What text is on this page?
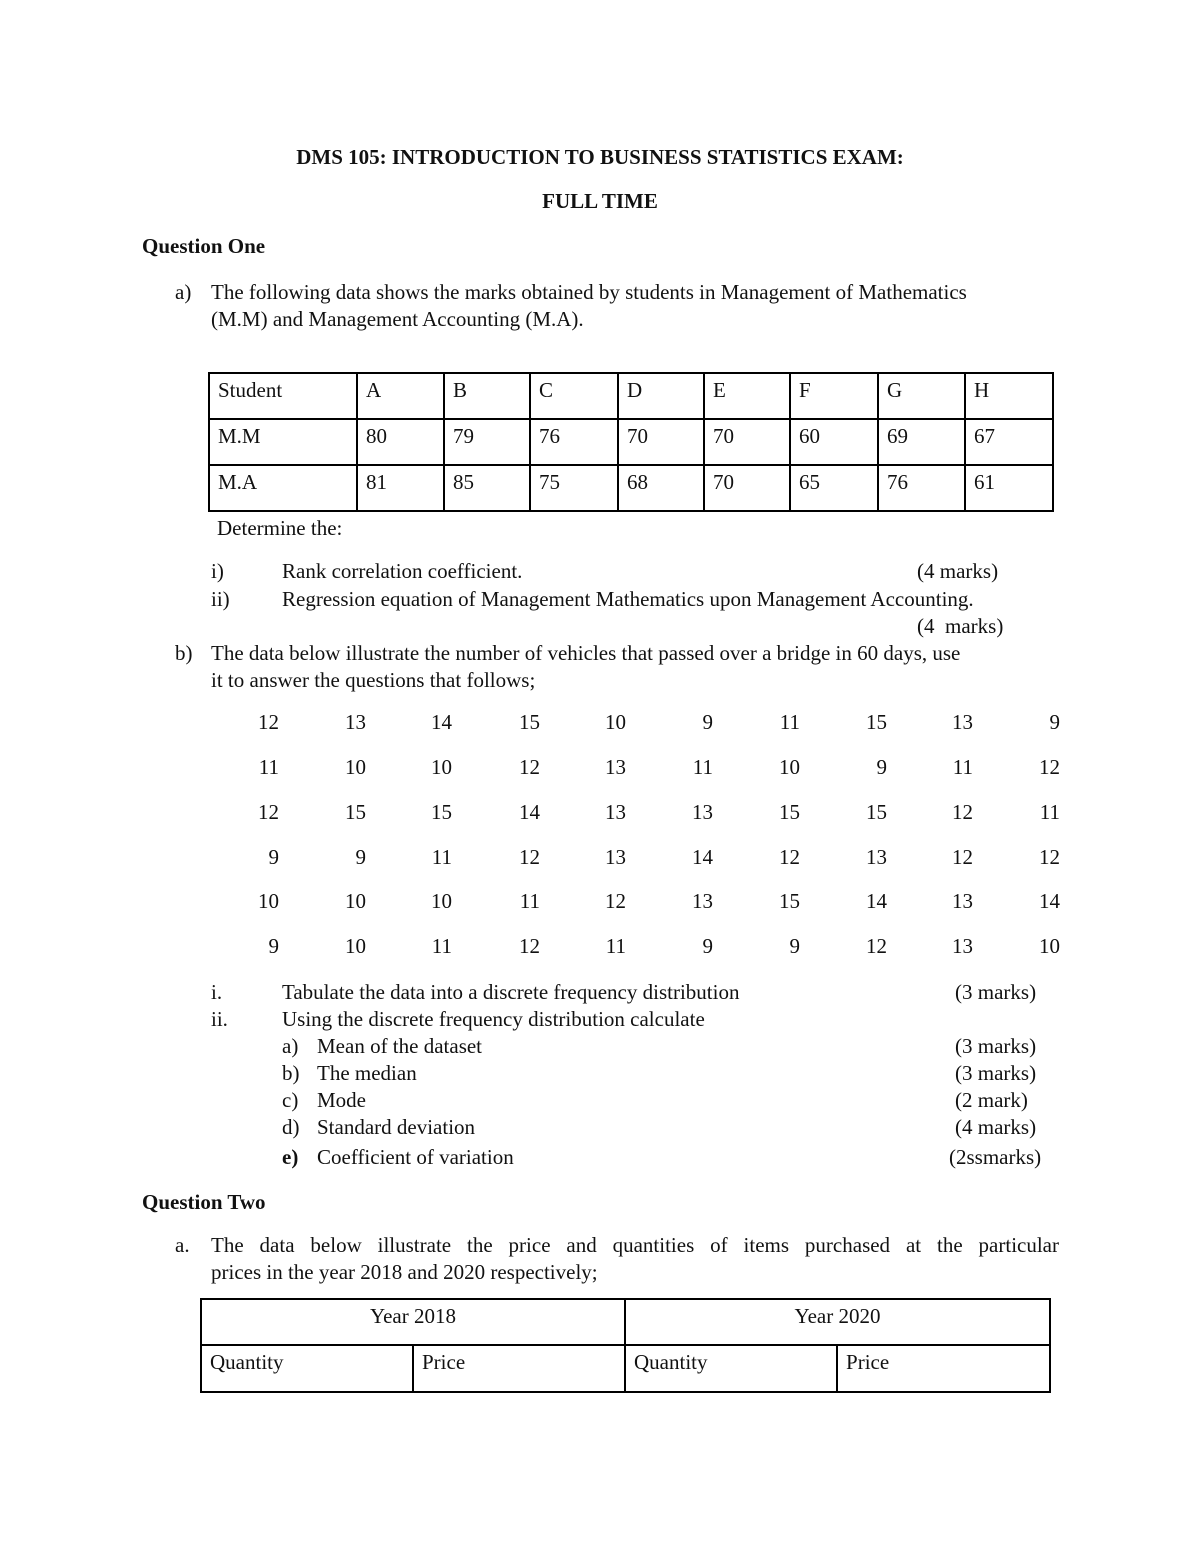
DMS 105: INTRODUCTION TO BUSINESS STATISTICS EXAM:
FULL TIME
Question One
a) The following data shows the marks obtained by students in Management of Mathematics
(M.M) and Management Accounting (M.A).
Student	A	B	C	D	E	F	G	H
M.M	80	79	76	70	70	60	69	67
M.A	81	85	75	68	70	65	76	61
Determine the:
i)	Rank correlation coefficient.	(4 marks)
ii) Regression equation of Management Mathematics upon Management Accounting.
(4  marks)
b) The data below illustrate the number of vehicles that passed over a bridge in 60 days, use
it to answer the questions that follows;
12	13	14	15	10	9	11	15	13	9
11	10	10	12	13	11	10	9	11	12
12	15	15	14	13	13	15	15	12	11
9	9	11	12	13	14	12	13	12	12
10	10	10	11	12	13	15	14	13	14
9	10	11	12	11	9	9	12	13	10
i.	Tabulate the data into a discrete frequency distribution	(3 marks)
ii.	Using the discrete frequency distribution calculate
a) Mean of the dataset	(3 marks)
b) The median	(3 marks)
c) Mode	(2 mark)
d) Standard deviation	(4 marks)
e) Coefficient of variation	(2ssmarks)
Question Two
a. The data below illustrate the price and quantities of items purchased at the particular
prices in the year 2018 and 2020 respectively;
Year 2018		Year 2020	
Quantity	Price	Quantity	Price
